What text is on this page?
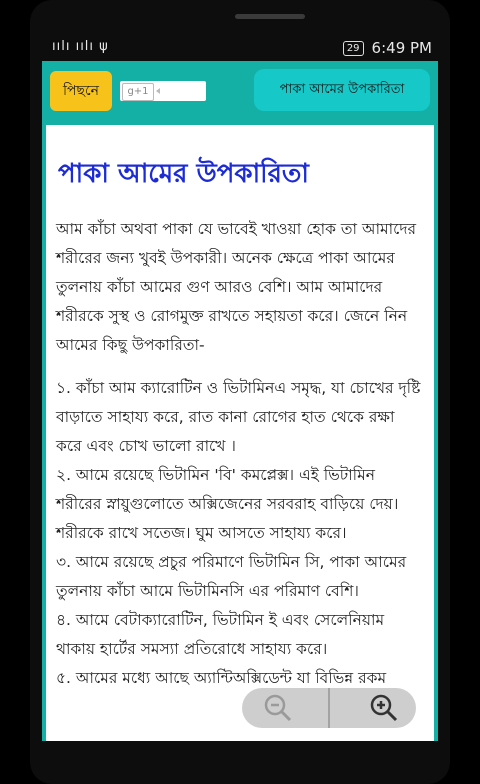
ıılı ıılı ψ	29 6:49 PM
পিছনে	g+1	পাকা আমের উপকারিতা
পাকা আমের উপকারিতা

আম কাঁচা অথবা পাকা যে ভাবেই খাওয়া হোক তা আমাদের শরীরের জন্য খুবই উপকারী। অনেক ক্ষেত্রে পাকা আমের তুলনায় কাঁচা আমের গুণ আরও বেশি। আম আমাদের শরীরকে সুস্থ ও রোগমুক্ত রাখতে সহায়তা করে। জেনে নিন আমের কিছু উপকারিতা-

১. কাঁচা আম ক্যারোটিন ও ভিটামিনএ সমৃদ্ধ, যা চোখের দৃষ্টি বাড়াতে সাহায্য করে, রাত কানা রোগের হাত থেকে রক্ষা করে এবং চোখ ভালো রাখে ।

২. আমে রয়েছে ভিটামিন 'বি' কমপ্লেক্স। এই ভিটামিন শরীরের স্নায়ুগুলোতে অক্সিজেনের সরবরাহ বাড়িয়ে দেয়। শরীরকে রাখে সতেজ। ঘুম আসতে সাহায্য করে।

৩. আমে রয়েছে প্রচুর পরিমাণে ভিটামিন সি, পাকা আমের তুলনায় কাঁচা আমে ভিটামিনসি এর পরিমাণ বেশি।

৪. আমে বেটাক্যারোটিন, ভিটামিন ই এবং সেলেনিয়াম থাকায় হার্টের সমস্যা প্রতিরোধে সাহায্য করে।

৫. আমের মধ্যে আছে অ্যান্টিঅক্সিডেন্ট যা বিভিন্ন রকম
